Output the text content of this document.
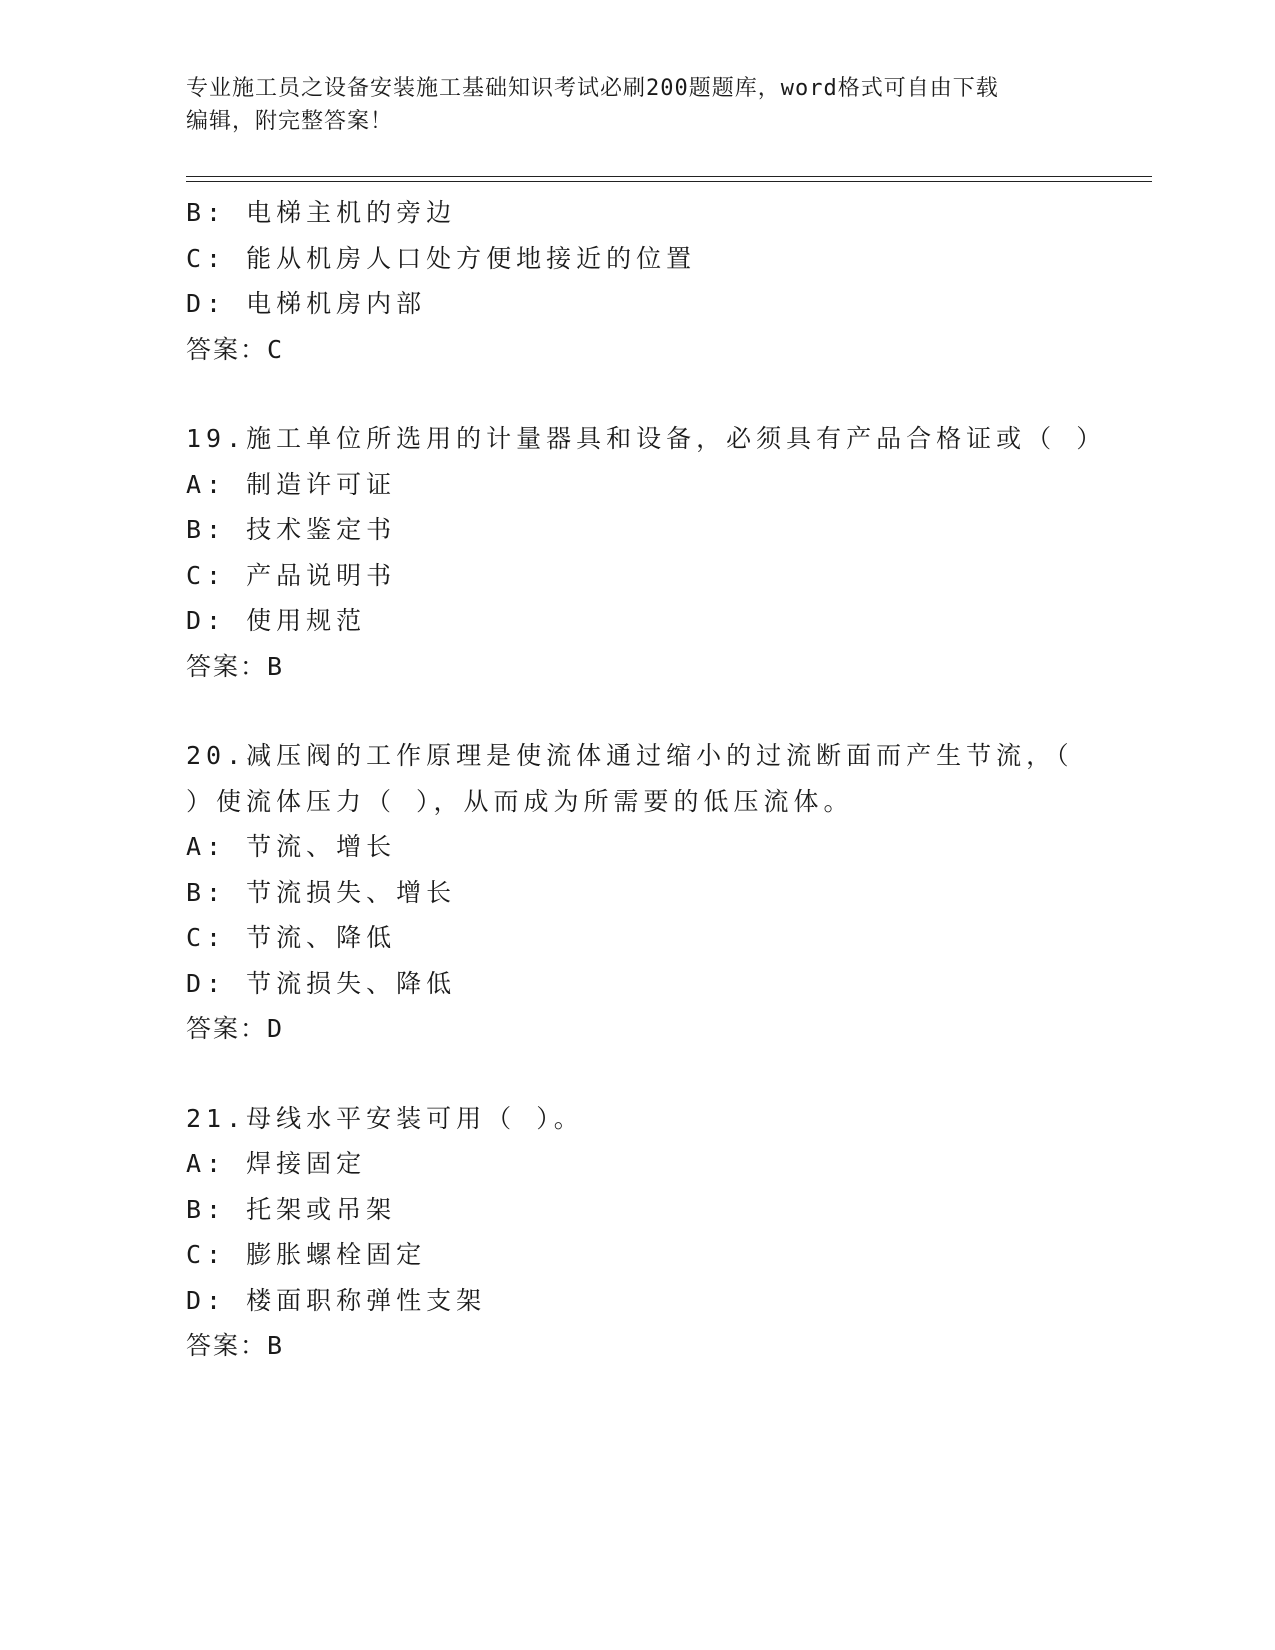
专业施工员之设备安装施工基础知识考试必刷200题题库，word格式可自由下载
编辑，附完整答案！
B: 电梯主机的旁边
C: 能从机房人口处方便地接近的位置
D: 电梯机房内部
答案：C
19.施工单位所选用的计量器具和设备，必须具有产品合格证或（ ）
A: 制造许可证
B: 技术鉴定书
C: 产品说明书
D: 使用规范
答案：B
20.减压阀的工作原理是使流体通过缩小的过流断面而产生节流，（
）使流体压力（ ），从而成为所需要的低压流体。
A: 节流、增长
B: 节流损失、增长
C: 节流、降低
D: 节流损失、降低
答案：D
21.母线水平安装可用（ ）。
A: 焊接固定
B: 托架或吊架
C: 膨胀螺栓固定
D: 楼面职称弹性支架
答案：B
